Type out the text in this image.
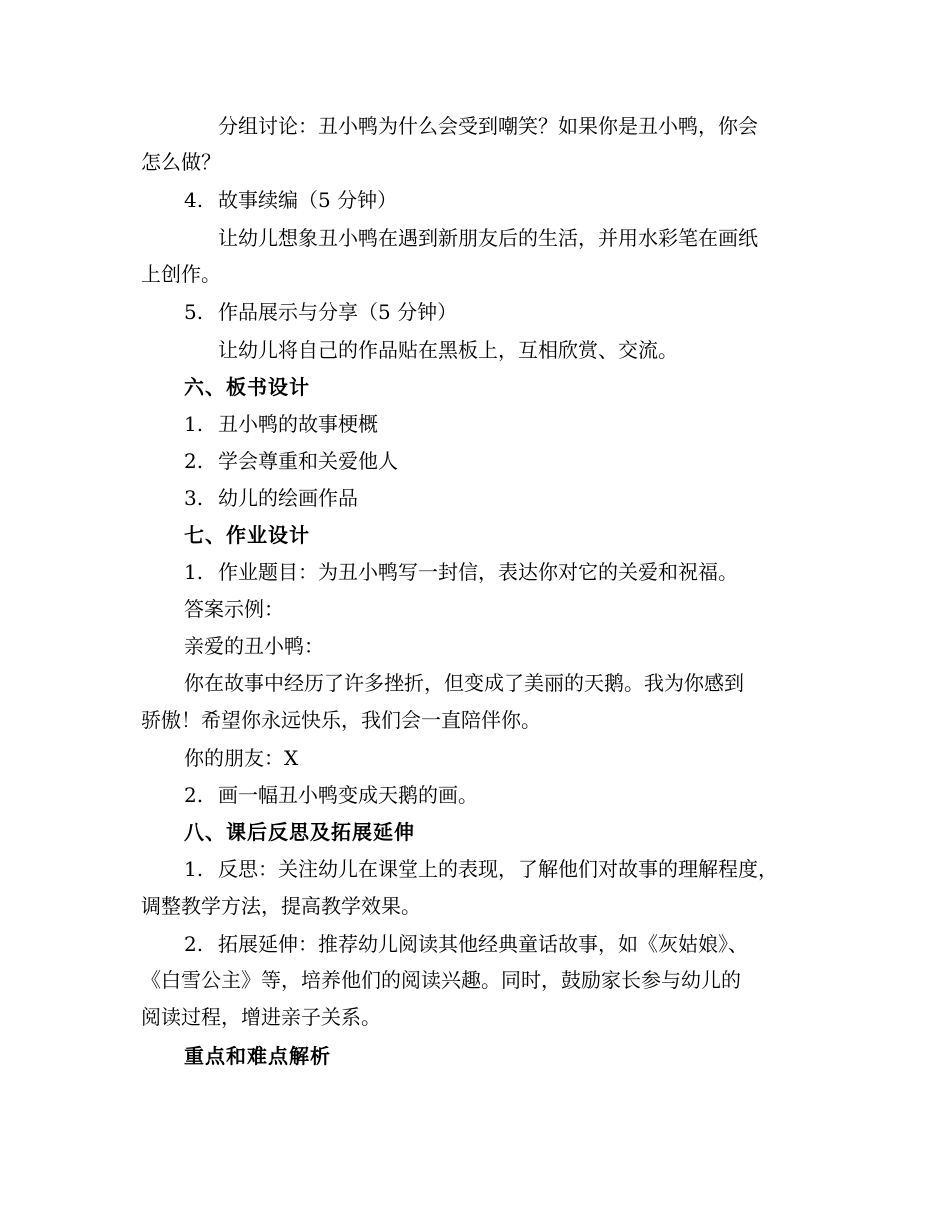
分组讨论：丑小鸭为什么会受到嘲笑？如果你是丑小鸭，你会
怎么做？
4. 故事续编（5 分钟）
让幼儿想象丑小鸭在遇到新朋友后的生活，并用水彩笔在画纸
上创作。
5. 作品展示与分享（5 分钟）
让幼儿将自己的作品贴在黑板上，互相欣赏、交流。
六、板书设计
1. 丑小鸭的故事梗概
2. 学会尊重和关爱他人
3. 幼儿的绘画作品
七、作业设计
1. 作业题目：为丑小鸭写一封信，表达你对它的关爱和祝福。
答案示例：
亲爱的丑小鸭：
你在故事中经历了许多挫折，但变成了美丽的天鹅。我为你感到
骄傲！希望你永远快乐，我们会一直陪伴你。
你的朋友：X
2. 画一幅丑小鸭变成天鹅的画。
八、课后反思及拓展延伸
1. 反思：关注幼儿在课堂上的表现，了解他们对故事的理解程度，
调整教学方法，提高教学效果。
2. 拓展延伸：推荐幼儿阅读其他经典童话故事，如《灰姑娘》、
《白雪公主》等，培养他们的阅读兴趣。同时，鼓励家长参与幼儿的
阅读过程，增进亲子关系。
重点和难点解析
